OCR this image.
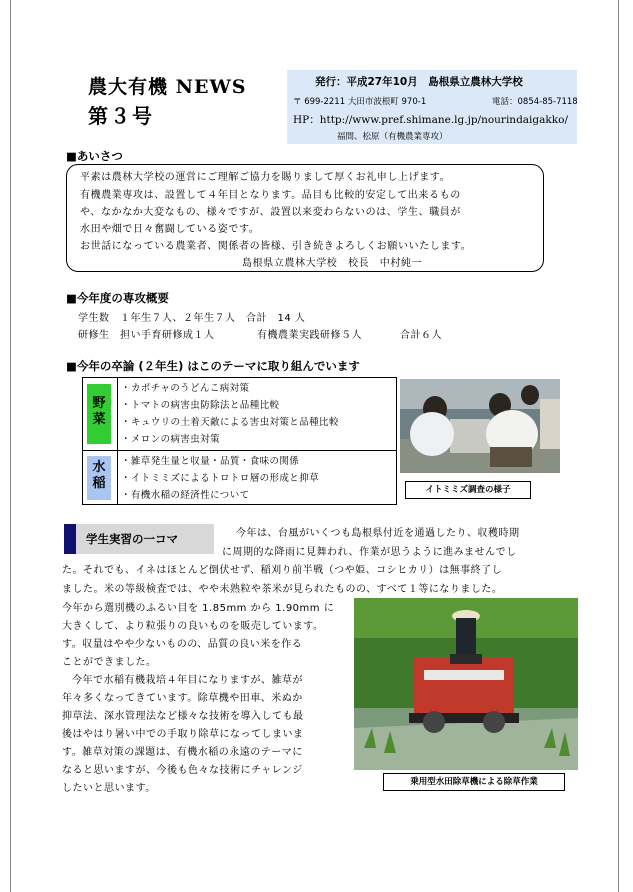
農大有機 NEWS
第３号
発行：平成27年10月　島根県立農林大学校
〒 699-2211 大田市波根町 970-1	電話：0854-85-7118
HP：http://www.pref.shimane.lg.jp/nourindaigakko/
福間、松原（有機農業専攻）
■あいさつ
平素は農林大学校の運営にご理解ご協力を賜りまして厚くお礼申し上げます。
有機農業専攻は、設置して４年目となります。品目も比較的安定して出来るもの
や、なかなか大変なもの、様々ですが、設置以来変わらないのは、学生、職員が
水田や畑で日々奮闘している姿です。
お世話になっている農業者、関係者の皆様、引き続きよろしくお願いいたします。
島根県立農林大学校　校長　中村純一
■今年度の専攻概要
学生数　１年生７人、２年生７人　合計　14 人
研修生　担い手育研修成１人	有機農業実践研修５人	合計６人
■今年の卒論 (２年生) はこのテーマに取り組んでいます
野菜
・カボチャのうどんこ病対策
・トマトの病害虫防除法と品種比較
・キュウリの土着天敵による害虫対策と品種比較
・メロンの病害虫対策
水稲
・雑草発生量と収量・品質・食味の関係
・イトミミズによるトロトロ層の形成と抑草
・有機水稲の経済性について	イトミミズ調査の様子
学生実習の一コマ	今年は、台風がいくつも島根県付近を通過したり、収穫時期
に周期的な降雨に見舞われ、作業が思うように進みませんでし
た。それでも、イネはほとんど倒伏せず、稲刈り前半戦（つや姫、コシヒカリ）は無事終了し
ました。米の等級検査では、やや未熟粒や茶米が見られたものの、すべて１等になりました。
今年から選別機のふるい目を 1.85mm から 1.90mm に
大きくして、より粒張りの良いものを販売しています。
す。収量はやや少ないものの、品質の良い米を作る
ことができました。
今年で水稲有機栽培４年目になりますが、雑草が
年々多くなってきています。除草機や田車、米ぬか
抑草法、深水管理法など様々な技術を導入しても最
後はやはり暑い中での手取り除草になってしまいま
す。雑草対策の課題は、有機水稲の永遠のテーマに
なると思いますが、今後も色々な技術にチャレンジ
したいと思います。
乗用型水田除草機による除草作業
